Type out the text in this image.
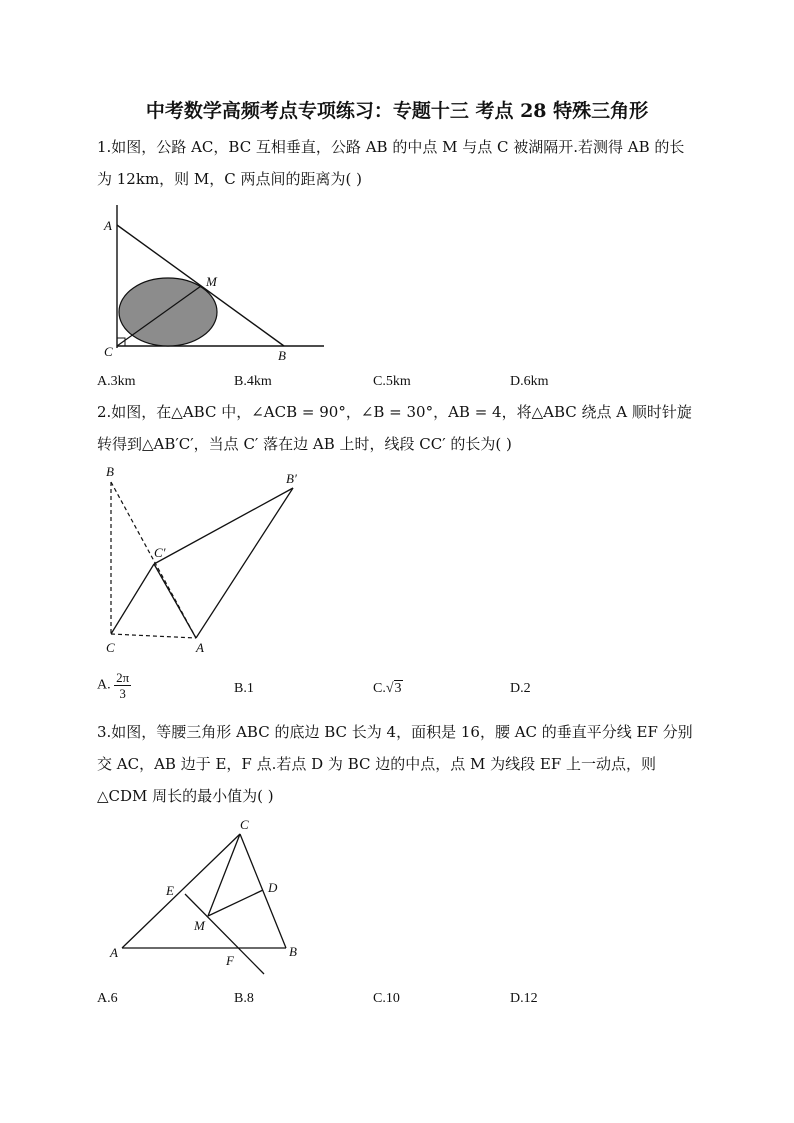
中考数学高频考点专项练习：专题十三 考点 28 特殊三角形
1.如图，公路 AC，BC 互相垂直，公路 AB 的中点 M 与点 C 被湖隔开.若测得 AB 的长
为 12km，则 M，C 两点间的距离为( )
A
M
C	B
A.3km	B.4km	C.5km	D.6km
2.如图，在△ABC 中，∠ACB = 90°，∠B = 30°，AB = 4，将△ABC 绕点 A 顺时针旋
转得到△AB′C′，当点 C′ 落在边 AB 上时，线段 CC′ 的长为( )
B	B′
C′
C	A
A. $\frac{2\pi}{3}$	B.1	C.√3	D.2
3.如图，等腰三角形 ABC 的底边 BC 长为 4，面积是 16，腰 AC 的垂直平分线 EF 分别
交 AC，AB 边于 E，F 点.若点 D 为 BC 边的中点，点 M 为线段 EF 上一动点，则
△CDM 周长的最小值为( )
C
E	D
M
A
F
B
A.6	B.8	C.10	D.12
